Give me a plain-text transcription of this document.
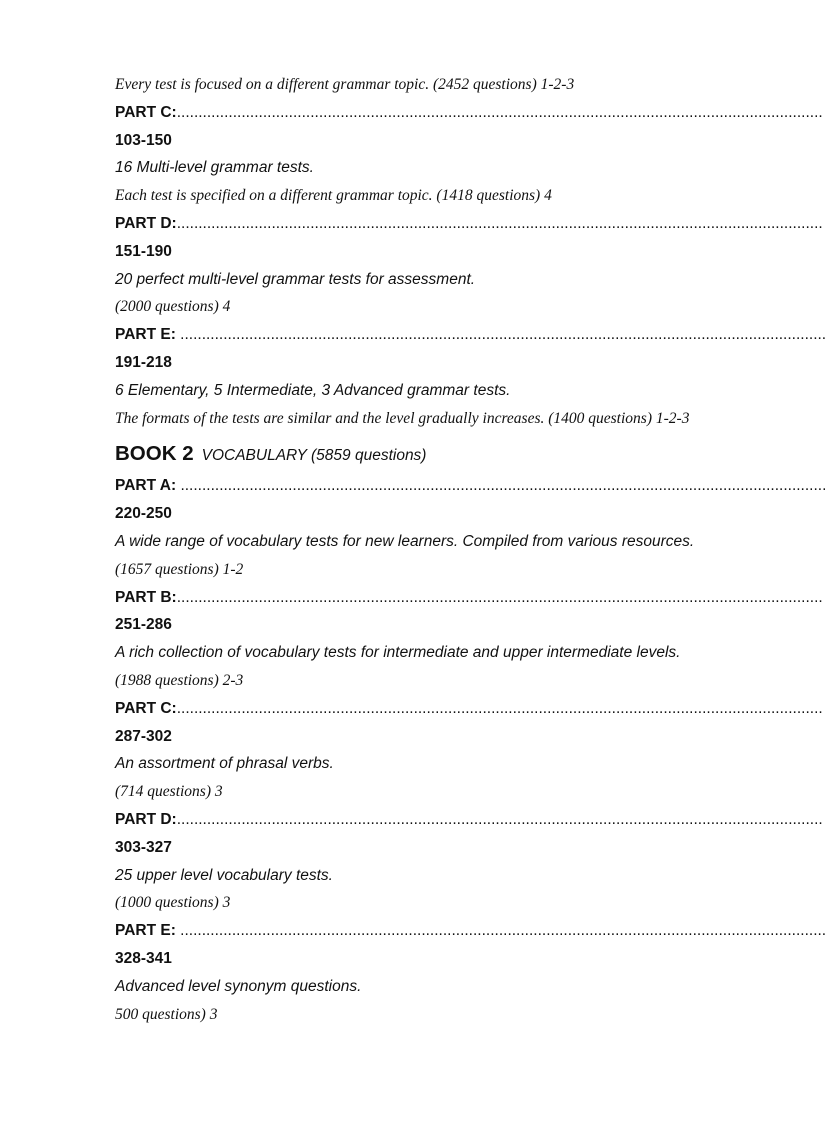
Every test is focused on a different grammar topic. (2452 questions) 1-2-3
PART C: ......................................................................................................................................................
103-150
16 Multi-level grammar tests.
Each test is specified on a different grammar topic. (1418 questions) 4
PART D: ......................................................................................................................................................
151-190
20 perfect multi-level grammar tests for assessment.
(2000 questions) 4
PART E: ......................................................................................................................................................
191-218
6 Elementary, 5 Intermediate, 3 Advanced grammar tests.
The formats of the tests are similar and the level gradually increases. (1400 questions) 1-2-3
BOOK 2 VOCABULARY (5859 questions)
PART A: ......................................................................................................................................................
220-250
A wide range of vocabulary tests for new learners. Compiled from various resources.
(1657 questions) 1-2
PART B: ......................................................................................................................................................
251-286
A rich collection of vocabulary tests for intermediate and upper intermediate levels.
(1988 questions) 2-3
PART C: ......................................................................................................................................................
287-302
An assortment of phrasal verbs.
(714 questions) 3
PART D: ......................................................................................................................................................
303-327
25 upper level vocabulary tests.
(1000 questions) 3
PART E: ......................................................................................................................................................
328-341
Advanced level synonym questions.
500 questions) 3
